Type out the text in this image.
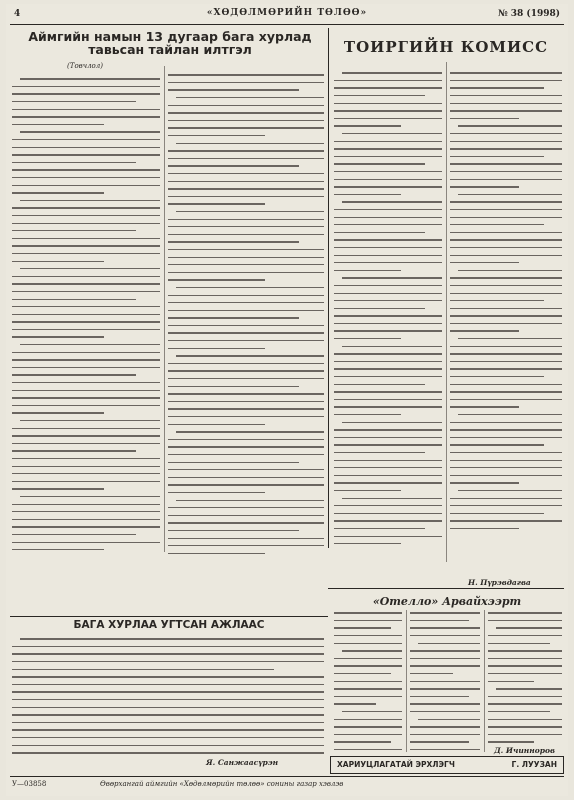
4	«ХӨДӨЛМӨРИЙН ТӨЛӨӨ»	№ 38 (1998)
Аймгийн намын 13 дугаар бага хурлад
тавьсан тайлан илтгэл
(Товчлол)
ТОИРГИЙН КОМИСС
Н. Пүрэвдагва
БАГА ХУРЛАА УГТСАН АЖЛААС
Я. Санжаасүрэн
«Отелло» Арвайхээрт
Д. Ичинноров
ХАРИУЦЛАГАТАЙ ЭРХЛЭГЧ	Г. ЛУУЗАН
У—03858	Өвөрхангай аймгийн «Хөдөлмөрийн төлөө» сонины газар хэвлэв
